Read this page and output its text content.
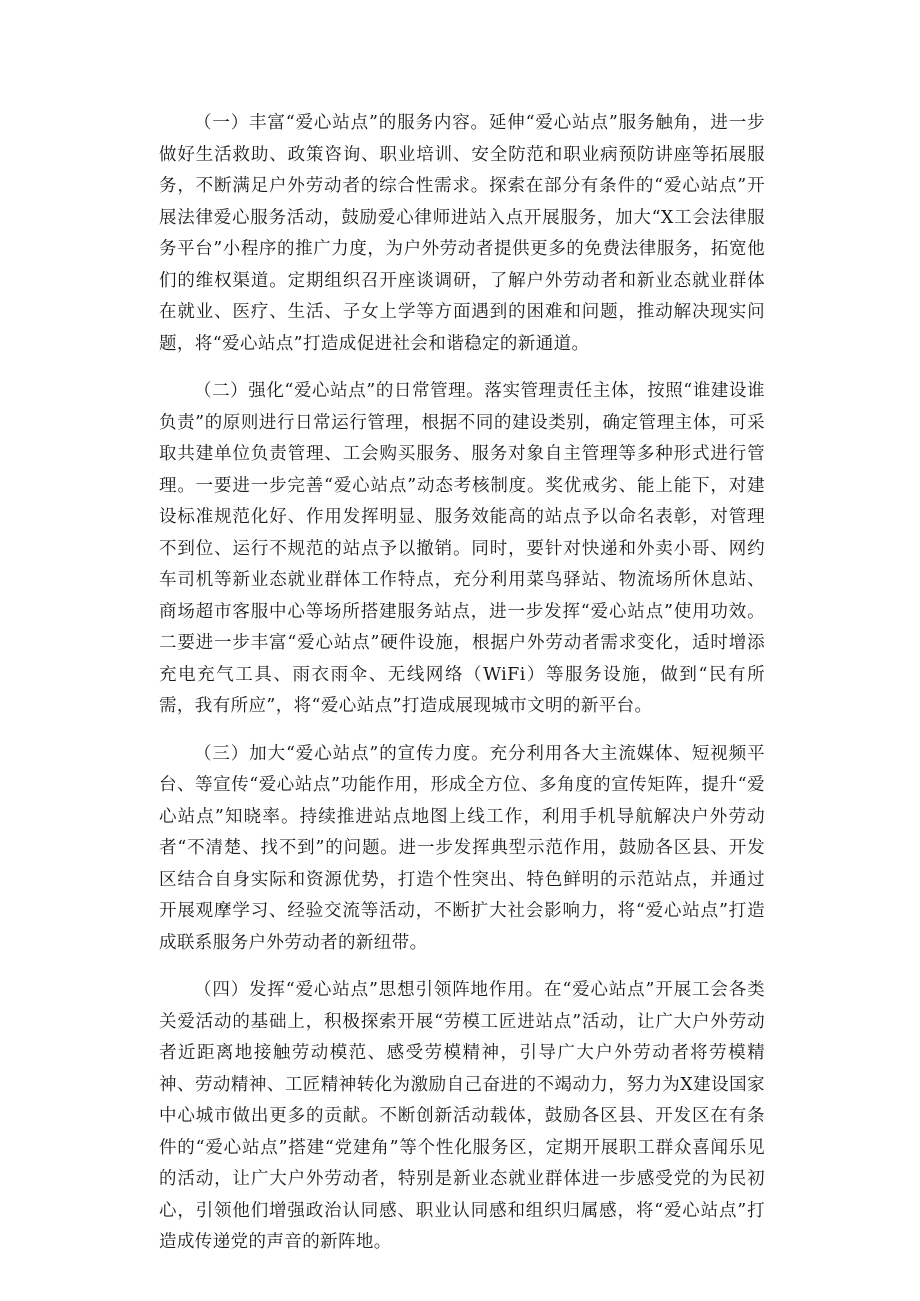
（一）丰富“爱心站点”的服务内容。延伸“爱心站点”服务触角，进一步做好生活救助、政策咨询、职业培训、安全防范和职业病预防讲座等拓展服务，不断满足户外劳动者的综合性需求。探索在部分有条件的“爱心站点”开展法律爱心服务活动，鼓励爱心律师进站入点开展服务，加大“X工会法律服务平台”小程序的推广力度，为户外劳动者提供更多的免费法律服务，拓宽他们的维权渠道。定期组织召开座谈调研，了解户外劳动者和新业态就业群体在就业、医疗、生活、子女上学等方面遇到的困难和问题，推动解决现实问题，将“爱心站点”打造成促进社会和谐稳定的新通道。

（二）强化“爱心站点”的日常管理。落实管理责任主体，按照“谁建设谁负责”的原则进行日常运行管理，根据不同的建设类别，确定管理主体，可采取共建单位负责管理、工会购买服务、服务对象自主管理等多种形式进行管理。一要进一步完善“爱心站点”动态考核制度。奖优戒劣、能上能下，对建设标准规范化好、作用发挥明显、服务效能高的站点予以命名表彰，对管理不到位、运行不规范的站点予以撤销。同时，要针对快递和外卖小哥、网约车司机等新业态就业群体工作特点，充分利用菜鸟驿站、物流场所休息站、商场超市客服中心等场所搭建服务站点，进一步发挥“爱心站点”使用功效。二要进一步丰富“爱心站点”硬件设施，根据户外劳动者需求变化，适时增添充电充气工具、雨衣雨伞、无线网络（WiFi）等服务设施，做到“民有所需，我有所应”，将“爱心站点”打造成展现城市文明的新平台。

（三）加大“爱心站点”的宣传力度。充分利用各大主流媒体、短视频平台、等宣传“爱心站点”功能作用，形成全方位、多角度的宣传矩阵，提升“爱心站点”知晓率。持续推进站点地图上线工作，利用手机导航解决户外劳动者“不清楚、找不到”的问题。进一步发挥典型示范作用，鼓励各区县、开发区结合自身实际和资源优势，打造个性突出、特色鲜明的示范站点，并通过开展观摩学习、经验交流等活动，不断扩大社会影响力，将“爱心站点”打造成联系服务户外劳动者的新纽带。

（四）发挥“爱心站点”思想引领阵地作用。在“爱心站点”开展工会各类关爱活动的基础上，积极探索开展“劳模工匠进站点”活动，让广大户外劳动者近距离地接触劳动模范、感受劳模精神，引导广大户外劳动者将劳模精神、劳动精神、工匠精神转化为激励自己奋进的不竭动力，努力为X建设国家中心城市做出更多的贡献。不断创新活动载体，鼓励各区县、开发区在有条件的“爱心站点”搭建“党建角”等个性化服务区，定期开展职工群众喜闻乐见的活动，让广大户外劳动者，特别是新业态就业群体进一步感受党的为民初心，引领他们增强政治认同感、职业认同感和组织归属感，将“爱心站点”打造成传递党的声音的新阵地。
